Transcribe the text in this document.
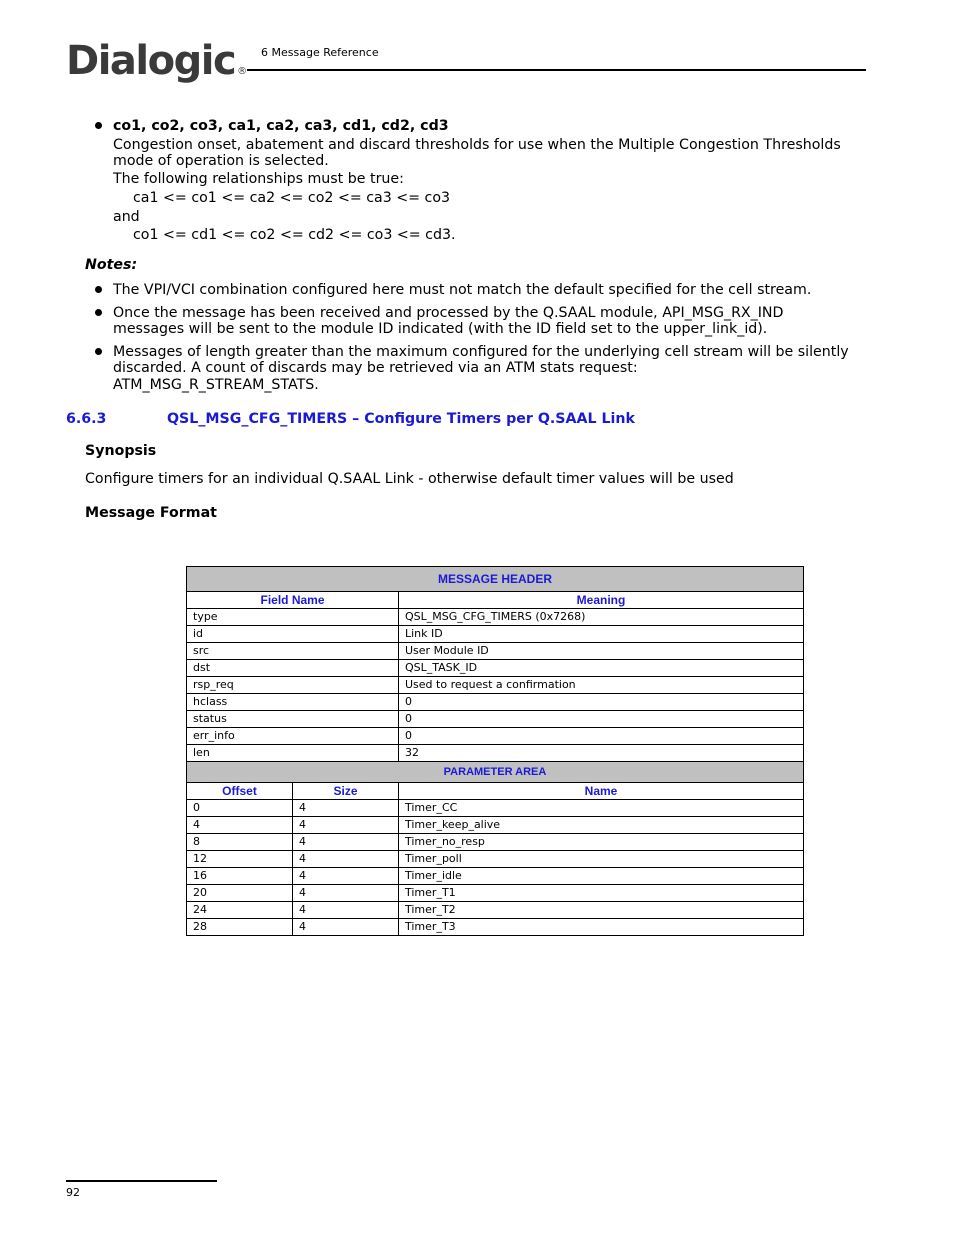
Dialogic ®
6 Message Reference
co1, co2, co3, ca1, ca2, ca3, cd1, cd2, cd3
Congestion onset, abatement and discard thresholds for use when the Multiple Congestion Thresholds
mode of operation is selected.
The following relationships must be true:
ca1 <= co1 <= ca2 <= co2 <= ca3 <= co3
and
co1 <= cd1 <= co2 <= cd2 <= co3 <= cd3.
Notes:
The VPI/VCI combination configured here must not match the default specified for the cell stream.
Once the message has been received and processed by the Q.SAAL module, API_MSG_RX_IND
messages will be sent to the module ID indicated (with the ID field set to the upper_link_id).
Messages of length greater than the maximum configured for the underlying cell stream will be silently
discarded. A count of discards may be retrieved via an ATM stats request:
ATM_MSG_R_STREAM_STATS.
6.6.3	QSL_MSG_CFG_TIMERS – Configure Timers per Q.SAAL Link
Synopsis
Configure timers for an individual Q.SAAL Link - otherwise default timer values will be used
Message Format
MESSAGE HEADER		
Field Name		Meaning
type		QSL_MSG_CFG_TIMERS (0x7268)
id		Link ID
src		User Module ID
dst		QSL_TASK_ID
rsp_req		Used to request a confirmation
hclass		0
status		0
err_info		0
len		32
PARAMETER AREA		
Offset	Size	Name
0	4	Timer_CC
4	4	Timer_keep_alive
8	4	Timer_no_resp
12	4	Timer_poll
16	4	Timer_idle
20	4	Timer_T1
24	4	Timer_T2
28	4	Timer_T3
92
